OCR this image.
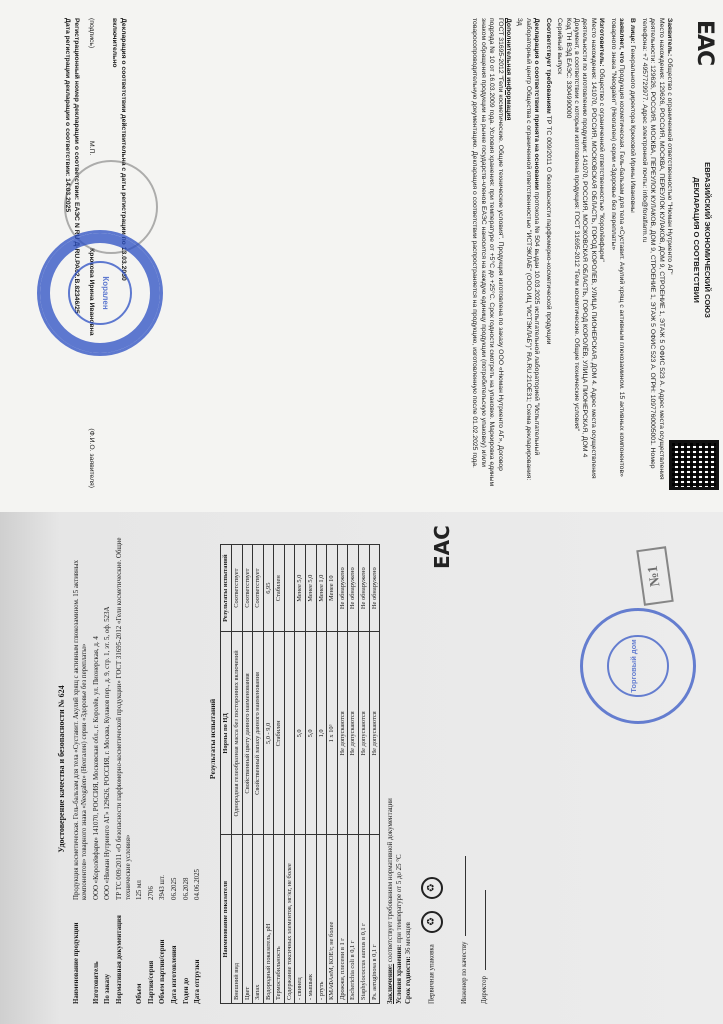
EAC
ЕВРАЗИЙСКИЙ ЭКОНОМИЧЕСКИЙ СОЮЗ
ДЕКЛАРАЦИЯ О СООТВЕТСТВИИ

Заявитель: Общество с ограниченной ответственностью "Нюман Нутриенто АГ"
Место нахождения: 129626, РОССИЯ, МОСКВА, ПЕРЕУЛОК КУЛАКОВ, ДОМ 9, СТРОЕНИЕ 1, ЭТАЖ 5 ОФИС 523 А. Адрес места осуществления деятельности: 129626, РОССИЯ, МОСКВА, ПЕРЕУЛОК КУЛАКОВ, ДОМ 9, СТРОЕНИЕ 1, ЭТАЖ 5 ОФИС 523 А. ОГРН: 1097760005001. Номер телефона: +7 4957729977. Адрес электронной почты: info@foralfarm.ru

В лице: Генерального директора Крюковой Ирины Ивановны

заявляет, что Продукция косметическая. Гель-бальзам для тела «Суставит. Акулий хрящ с активным глюкозамином. 15 активных компонентов» товарного знака "Neogalen" (Неогален) серии «Здоровье без переплаты»

Изготовитель: Общество с ограниченной ответственностью "Королёвфарм"
Место нахождения: 141070, РОССИЯ, МОСКОВСКАЯ ОБЛАСТЬ, ГОРОД КОРОЛЕВ, УЛИЦА ПИОНЕРСКАЯ, ДОМ 4. Адрес места осуществления деятельности по изготовлению продукции: 141070, РОССИЯ, МОСКОВСКАЯ ОБЛАСТЬ, ГОРОД КОРОЛЁВ, УЛИЦА ПИОНЕРСКАЯ, ДОМ 4
Документ, в соответствии с которым изготовлена продукция: ГОСТ 31695-2012 "Гели косметические. Общие технические условия"
Код ТН ВЭД ЕАЭС: 3304990000
Серийный выпуск

Соответствует требованиям ТР ТС 009/2011 О безопасности парфюмерно-косметической продукции

Декларация о соответствии принята на основании протокола № 504 выдан 10.03.2025 испытательной лабораторией "Испытательный лабораторный центр Общества с ограниченной ответственностью "ИСТЭКЛАБ" (ООО ИЦ "ИСТЭКЛАБ")" RA.RU.21OE31; Схема декларирования: 3д

Дополнительная информация
ГОСТ 31695-2012 "Гели косметические. Общие технические условия". Продукция изготовлена по заказу ООО «Нюман Нутриенто АГ», Договор подряда № 10 от 16.03.2009 года. Условия хранения: при температуре от +5°С до +25°С. Срок годности смотреть на упаковке. Маркировка единым знаком обращения продукции на рынке государств-членов ЕАЭС наносится на каждую единицу продукции (потребительскую упаковку) и/или товаросопроводительную документацию. Декларация о соответствии распространяется на продукцию, изготовленную после 01.02.2025 года.

Декларация о соответствии действительна с даты регистрации по 13.03.2030
включительно
(подпись)
М.П.
Крюкова Ирина Ивановна
(Ф.И.О. заявителя)
Регистрационный номер декларации о соответствии: ЕАЭС N RU Д-RU.PA02.B.82346/25
Дата регистрации декларации о соответствии: 14.03.2025
Корален
Удостоверение качества и безопасности № 624
Наименование продукции
Продукция косметическая. Гель-бальзам для тела «Суставит. Акулий хрящ с активным глюкозамином. 15 активных компонентов» товарного знака «Neogalen» (Неогален) серии «Здоровье без переплаты»
Изготовитель
ООО «Королёвфарм» 141070, РОССИЯ, Московская обл., г. Королёв, ул. Пионерская, д. 4
По заказу
ООО «Нюман Нутриенто АГ» 129626, РОССИЯ, г. Москва, Кулаков пер., д. 9, стр. 1, эт. 5, оф. 523А
Нормативная документация
ТР ТС 009/2011 «О безопасности парфюмерно-косметической продукции» ГОСТ 31695-2012 «Гели косметические. Общие технические условия»
Объем
125 мл
Партия/серия
2706
Объем партии/серии
3943 шт.
Дата изготовления
06.2025
Годен до
06.2028
Дата отгрузки
04.06.2025
Результаты испытаний
Наименование показателя	Нормы по НД	Результаты испытаний
Внешний вид	Однородная гелеобразная масса без посторонних включений	Соответствует
Цвет	Свойственный цвету данного наименования	Соответствует
Запах	Свойственный запаху данного наименования	Соответствует
Водородный показатель, pH	5,0 - 9,0	6,95
Термостабильность	Стабилен	Стабилен
Содержание токсичных элементов, мг/кг, не более		
- свинец	5,0	Менее 5,0
- мышьяк	5,0	Менее 5,0
- ртуть	1,0	Менее 1,0
КМАФАнМ, КОЕ/г, не более	1 х 10³	Менее 10
Дрожжи, плесени в 1 г	Не допускаются	Не обнаружено
Escherichia coli в 0,1 г	Не допускаются	Не обнаружено
Staphylococcus aureus в 0,1 г	Не допускаются	Не обнаружено
Ps. aeruginosa в 0,1 г	Не допускаются	Не обнаружено
Заключение: соответствует требованиям нормативной документации
Условия хранения: при температуре от 5 до 25 °С
Срок годности: 36 месяцев
Первичная упаковка ♻ ♻
Инженер по качеству	Директор
EAC
Торговый дом
№1
